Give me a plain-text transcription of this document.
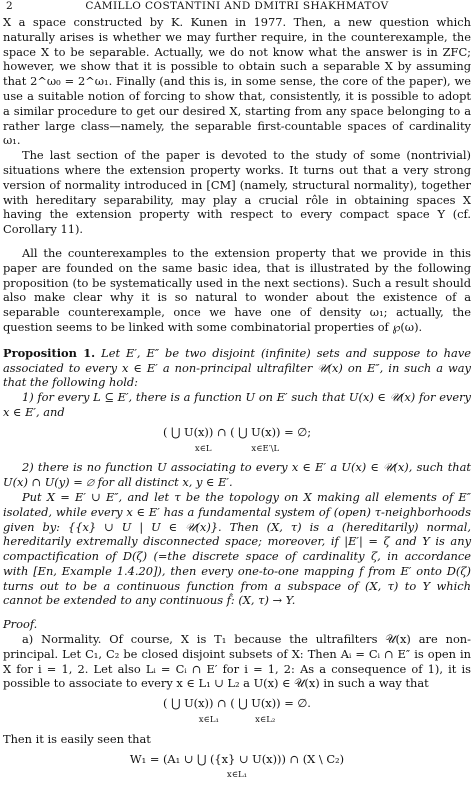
2	CAMILLO COSTANTINI AND DMITRI SHAKHMATOV

X a space constructed by K. Kunen in 1977. Then, a new question which naturally arises is whether we may further require, in the counterexample, the space X to be separable. Actually, we do not know what the answer is in ZFC; however, we show that it is possible to obtain such a separable X by assuming that 2^ω₀ = 2^ω₁. Finally (and this is, in some sense, the core of the paper), we use a suitable notion of forcing to show that, consistently, it is possible to adopt a similar procedure to get our desired X, starting from any space belonging to a rather large class—namely, the separable first-countable spaces of cardinality ω₁.

The last section of the paper is devoted to the study of some (nontrivial) situations where the extension property works. It turns out that a very strong version of normality introduced in [CM] (namely, structural normality), together with hereditary separability, may play a crucial rôle in obtaining spaces X having the extension property with respect to every compact space Y (cf. Corollary 11).

All the counterexamples to the extension property that we provide in this paper are founded on the same basic idea, that is illustrated by the following proposition (to be systematically used in the next sections). Such a result should also make clear why it is so natural to wonder about the existence of a separable counterexample, once we have one of density ω₁; actually, the question seems to be linked with some combinatorial properties of ℘(ω).

Proposition 1. Let E′, E″ be two disjoint (infinite) sets and suppose to have associated to every x ∈ E′ a non-principal ultrafilter 𝒰(x) on E″, in such a way that the following hold:

1) for every L ⊆ E′, there is a function U on E′ such that U(x) ∈ 𝒰(x) for every x ∈ E′, and

( ⋃ U(x)) ∩ ( ⋃ U(x)) = ∅;
x∈L	x∈E′\L

2) there is no function U associating to every x ∈ E′ a U(x) ∈ 𝒰(x), such that U(x) ∩ U(y) = ∅ for all distinct x, y ∈ E′.

Put X = E′ ∪ E″, and let τ be the topology on X making all elements of E″ isolated, while every x ∈ E′ has a fundamental system of (open) τ-neighborhoods given by: {{x} ∪ U | U ∈ 𝒰(x)}. Then (X, τ) is a (hereditarily) normal, hereditarily extremally disconnected space; moreover, if |E′| = ζ and Y is any compactification of D(ζ) (=the discrete space of cardinality ζ, in accordance with [En, Example 1.4.20]), then every one-to-one mapping f from E′ onto D(ζ) turns out to be a continuous function from a subspace of (X, τ) to Y which cannot be extended to any continuous f̂: (X, τ) → Y.

Proof.

a) Normality. Of course, X is T₁ because the ultrafilters 𝒰(x) are non-principal. Let C₁, C₂ be closed disjoint subsets of X: Then Aᵢ = Cᵢ ∩ E″ is open in X for i = 1, 2. Let also Lᵢ = Cᵢ ∩ E′ for i = 1, 2: As a consequence of 1), it is possible to associate to every x ∈ L₁ ∪ L₂ a U(x) ∈ 𝒰(x) in such a way that

( ⋃ U(x)) ∩ ( ⋃ U(x)) = ∅.
x∈L₁	x∈L₂

Then it is easily seen that

W₁ = (A₁ ∪ ⋃ ({x} ∪ U(x))) ∩ (X \ C₂)
x∈L₁
